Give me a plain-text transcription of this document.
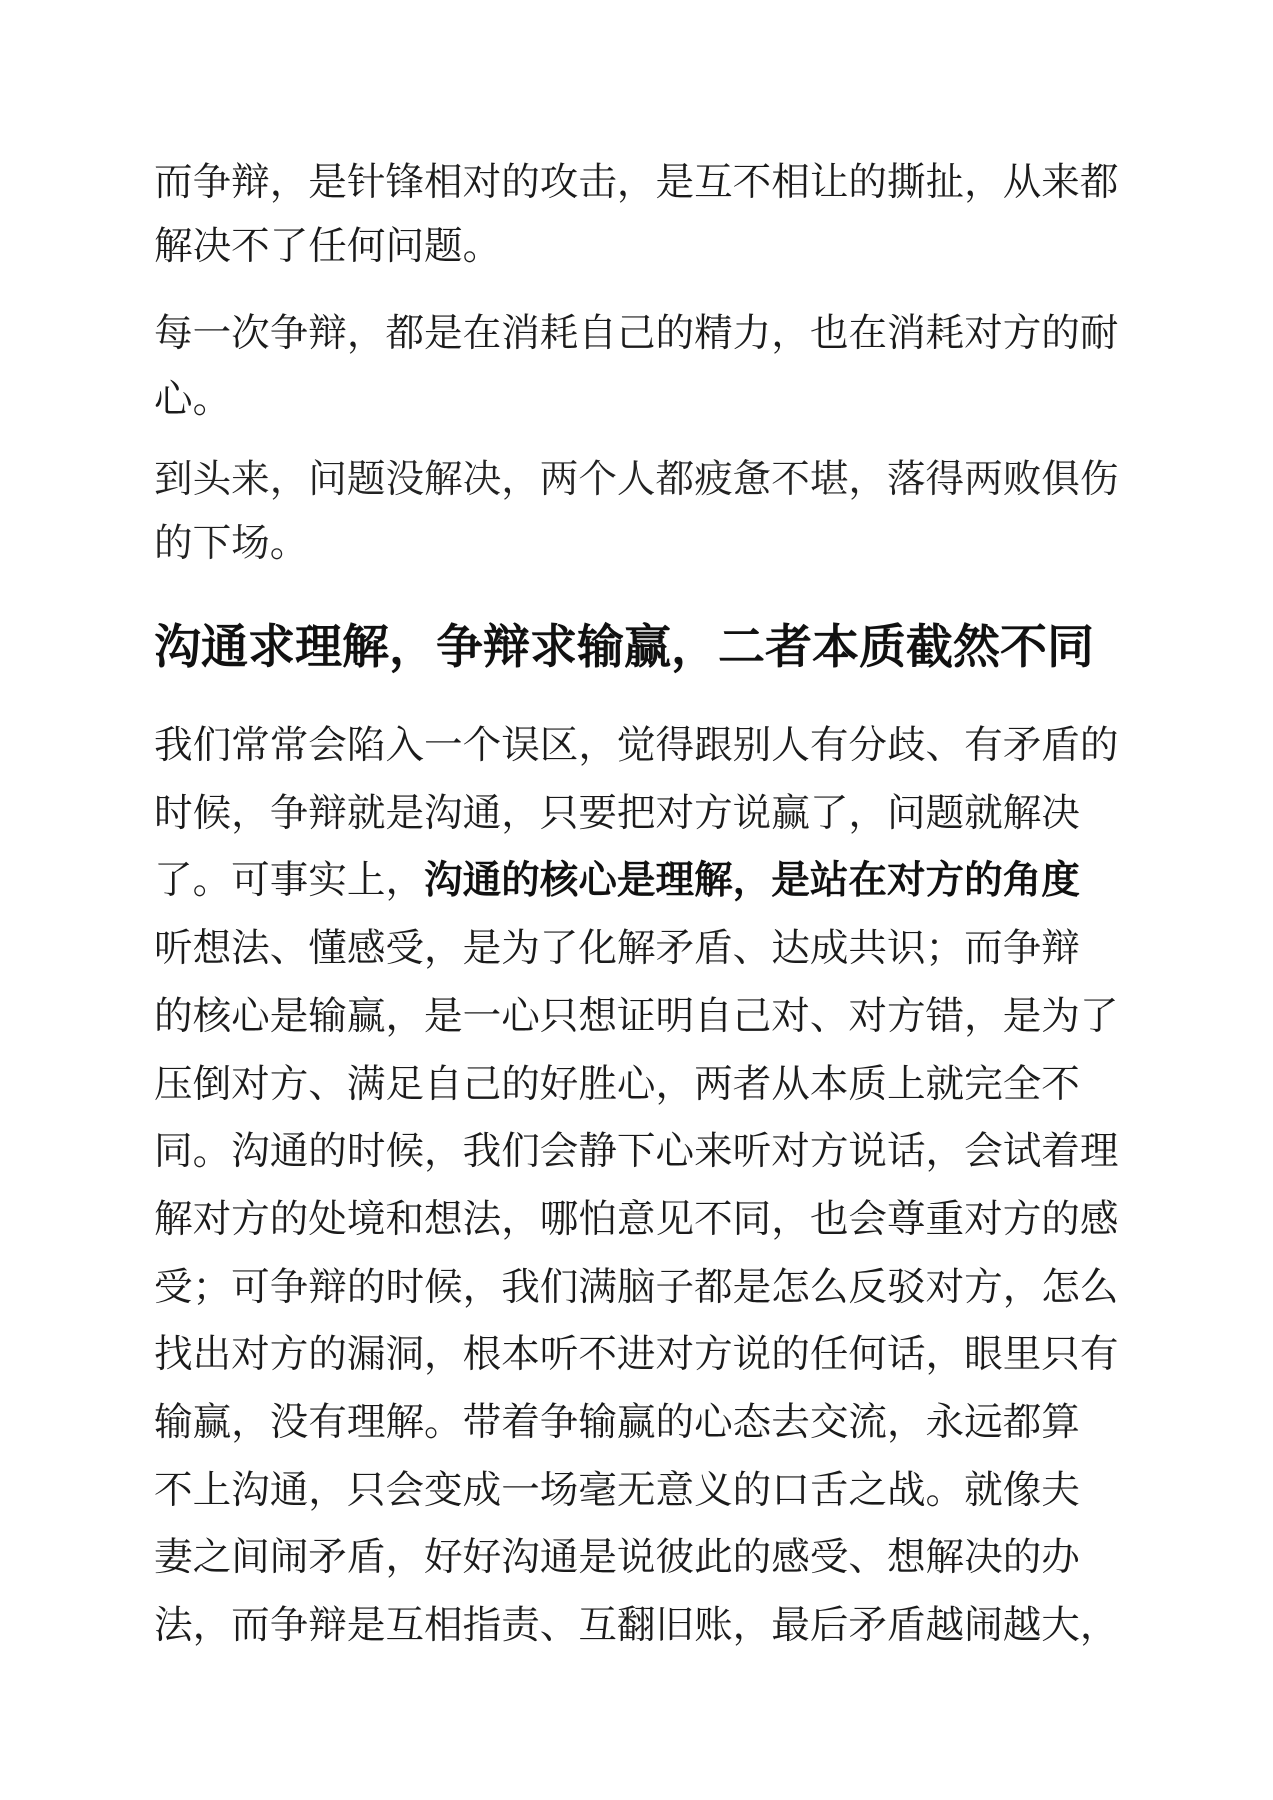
而争辩，是针锋相对的攻击，是互不相让的撕扯，从来都
解决不了任何问题。
每一次争辩，都是在消耗自己的精力，也在消耗对方的耐
心。
到头来，问题没解决，两个人都疲惫不堪，落得两败俱伤
的下场。
沟通求理解，争辩求输赢，二者本质截然不同
我们常常会陷入一个误区，觉得跟别人有分歧、有矛盾的
时候，争辩就是沟通，只要把对方说赢了，问题就解决
了。可事实上，沟通的核心是理解，是站在对方的角度
听想法、懂感受，是为了化解矛盾、达成共识；而争辩
的核心是输赢，是一心只想证明自己对、对方错，是为了
压倒对方、满足自己的好胜心，两者从本质上就完全不
同。沟通的时候，我们会静下心来听对方说话，会试着理
解对方的处境和想法，哪怕意见不同，也会尊重对方的感
受；可争辩的时候，我们满脑子都是怎么反驳对方，怎么
找出对方的漏洞，根本听不进对方说的任何话，眼里只有
输赢，没有理解。带着争输赢的心态去交流，永远都算
不上沟通，只会变成一场毫无意义的口舌之战。就像夫
妻之间闹矛盾，好好沟通是说彼此的感受、想解决的办
法，而争辩是互相指责、互翻旧账，最后矛盾越闹越大，
